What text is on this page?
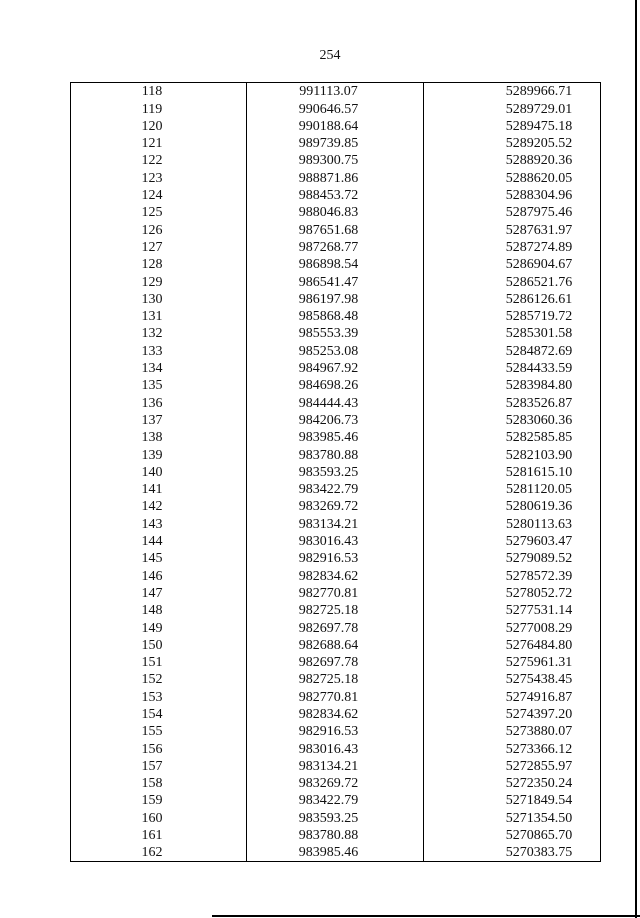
254
118	991113.07	5289966.71
119	990646.57	5289729.01
120	990188.64	5289475.18
121	989739.85	5289205.52
122	989300.75	5288920.36
123	988871.86	5288620.05
124	988453.72	5288304.96
125	988046.83	5287975.46
126	987651.68	5287631.97
127	987268.77	5287274.89
128	986898.54	5286904.67
129	986541.47	5286521.76
130	986197.98	5286126.61
131	985868.48	5285719.72
132	985553.39	5285301.58
133	985253.08	5284872.69
134	984967.92	5284433.59
135	984698.26	5283984.80
136	984444.43	5283526.87
137	984206.73	5283060.36
138	983985.46	5282585.85
139	983780.88	5282103.90
140	983593.25	5281615.10
141	983422.79	5281120.05
142	983269.72	5280619.36
143	983134.21	5280113.63
144	983016.43	5279603.47
145	982916.53	5279089.52
146	982834.62	5278572.39
147	982770.81	5278052.72
148	982725.18	5277531.14
149	982697.78	5277008.29
150	982688.64	5276484.80
151	982697.78	5275961.31
152	982725.18	5275438.45
153	982770.81	5274916.87
154	982834.62	5274397.20
155	982916.53	5273880.07
156	983016.43	5273366.12
157	983134.21	5272855.97
158	983269.72	5272350.24
159	983422.79	5271849.54
160	983593.25	5271354.50
161	983780.88	5270865.70
162	983985.46	5270383.75
